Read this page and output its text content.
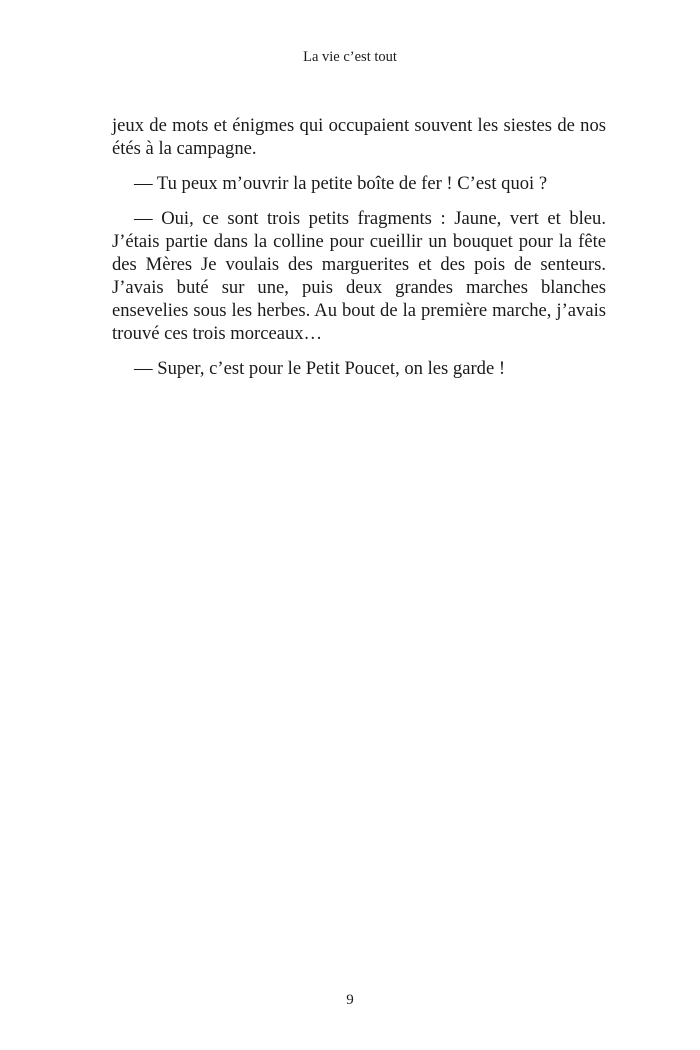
La vie c’est tout

jeux de mots et énigmes qui occupaient souvent les siestes de nos étés à la campagne.

— Tu peux m’ouvrir la petite boîte de fer ! C’est quoi ?

— Oui, ce sont trois petits fragments : Jaune, vert et bleu. J’étais partie dans la colline pour cueillir un bouquet pour la fête des Mères Je voulais des marguerites et des pois de senteurs. J’avais buté sur une, puis deux grandes marches blanches ensevelies sous les herbes. Au bout de la première marche, j’avais trouvé ces trois morceaux…

— Super, c’est pour le Petit Poucet, on les garde !

9
